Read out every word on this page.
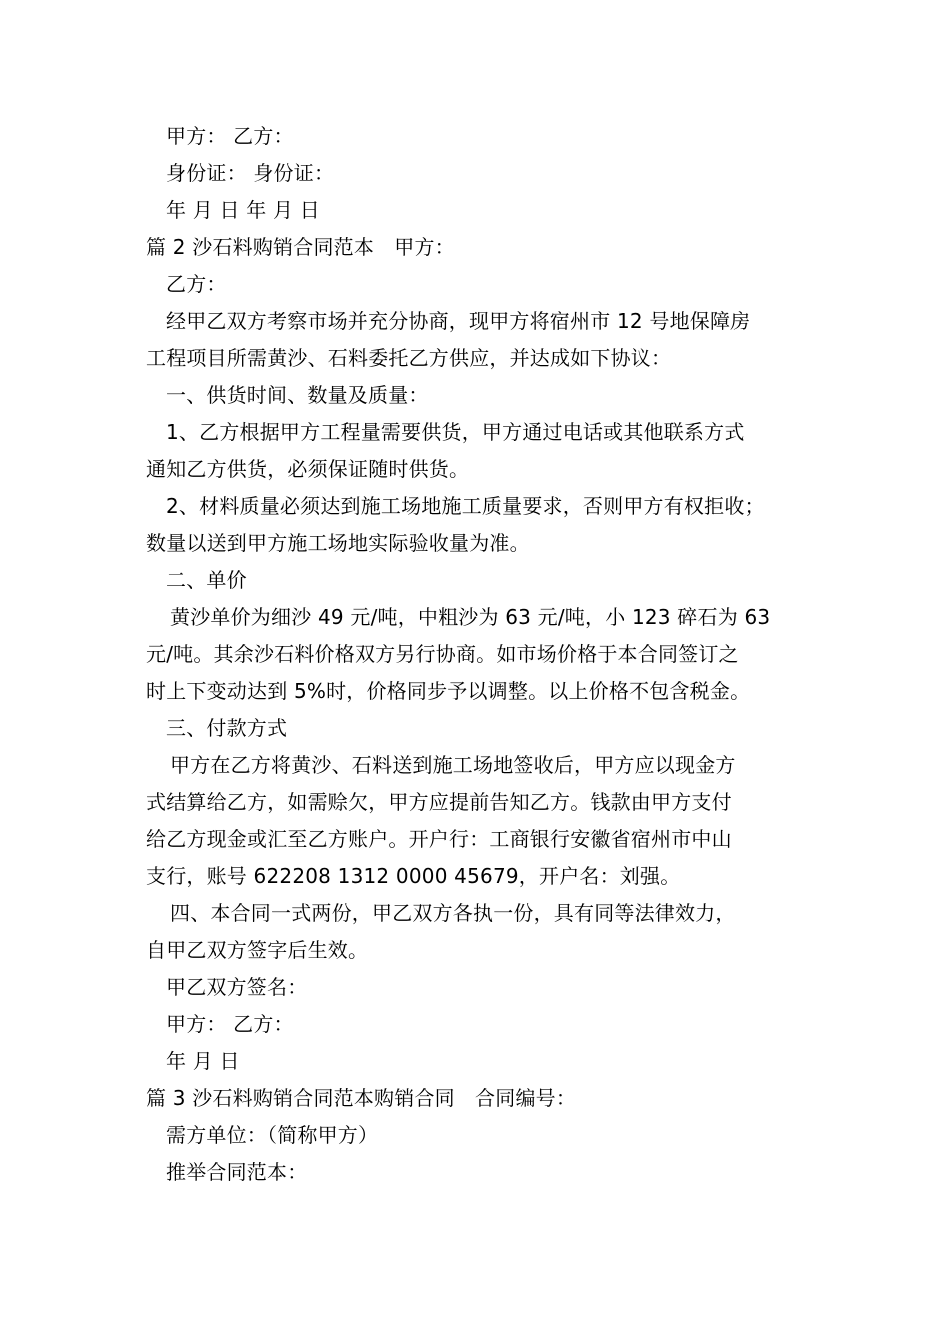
甲方： 乙方：
身份证： 身份证：
年 月 日 年 月 日
篇 2 沙石料购销合同范本　甲方：
乙方：
经甲乙双方考察市场并充分协商，现甲方将宿州市 12 号地保障房
工程项目所需黄沙、石料委托乙方供应，并达成如下协议：
一、供货时间、数量及质量：
1、乙方根据甲方工程量需要供货，甲方通过电话或其他联系方式
通知乙方供货，必须保证随时供货。
2、材料质量必须达到施工场地施工质量要求，否则甲方有权拒收；
数量以送到甲方施工场地实际验收量为准。
二、单价
黄沙单价为细沙 49 元/吨，中粗沙为 63 元/吨，小 123 碎石为 63
元/吨。其余沙石料价格双方另行协商。如市场价格于本合同签订之
时上下变动达到 5%时，价格同步予以调整。以上价格不包含税金。
三、付款方式
甲方在乙方将黄沙、石料送到施工场地签收后，甲方应以现金方
式结算给乙方，如需赊欠，甲方应提前告知乙方。钱款由甲方支付
给乙方现金或汇至乙方账户。开户行：工商银行安徽省宿州市中山
支行，账号 622208 1312 0000 45679，开户名：刘强。
四、本合同一式两份，甲乙双方各执一份，具有同等法律效力，
自甲乙双方签字后生效。
甲乙双方签名：
甲方： 乙方：
年 月 日
篇 3 沙石料购销合同范本购销合同　合同编号：
需方单位：（简称甲方）
推举合同范本：
